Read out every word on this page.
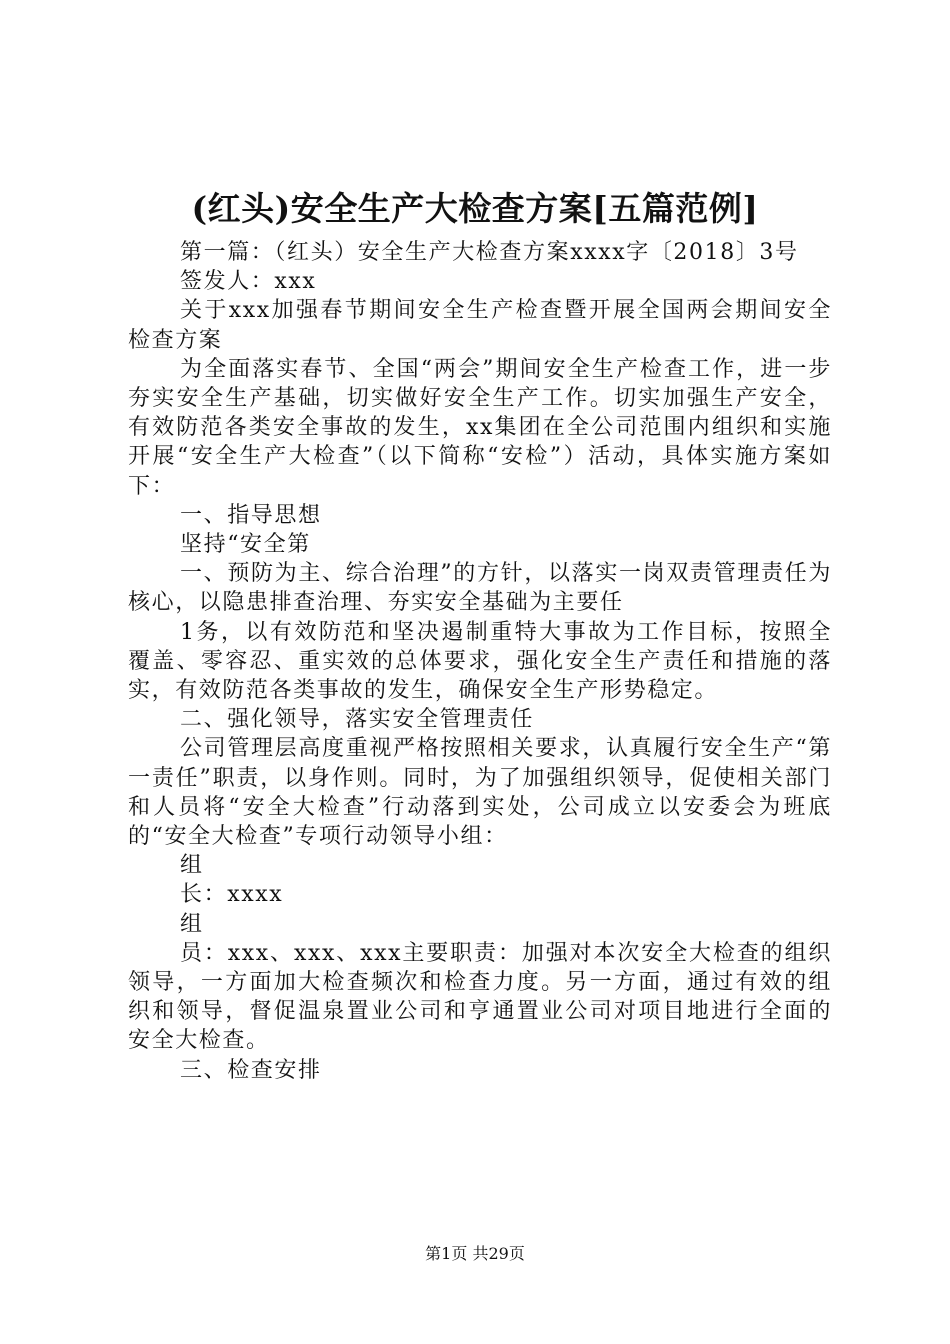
(红头)安全生产大检查方案[五篇范例]

第一篇：（红头）安全生产大检查方案xxxx字〔2018〕3号

签发人：xxx

关于xxx加强春节期间安全生产检查暨开展全国两会期间安全检查方案

为全面落实春节、全国“两会”期间安全生产检查工作，进一步夯实安全生产基础，切实做好安全生产工作。切实加强生产安全，有效防范各类安全事故的发生，xx集团在全公司范围内组织和实施开展“安全生产大检查”（以下简称“安检”）活动，具体实施方案如下：

一、指导思想

坚持“安全第

一、预防为主、综合治理”的方针，以落实一岗双责管理责任为核心，以隐患排查治理、夯实安全基础为主要任

1务，以有效防范和坚决遏制重特大事故为工作目标，按照全覆盖、零容忍、重实效的总体要求，强化安全生产责任和措施的落实，有效防范各类事故的发生，确保安全生产形势稳定。

二、强化领导，落实安全管理责任

公司管理层高度重视严格按照相关要求，认真履行安全生产“第一责任”职责，以身作则。同时，为了加强组织领导，促使相关部门和人员将“安全大检查”行动落到实处，公司成立以安委会为班底的“安全大检查”专项行动领导小组：

组

长：xxxx

组

员：xxx、xxx、xxx主要职责：加强对本次安全大检查的组织领导，一方面加大检查频次和检查力度。另一方面，通过有效的组织和领导，督促温泉置业公司和亨通置业公司对项目地进行全面的安全大检查。

三、检查安排

第1页 共29页
